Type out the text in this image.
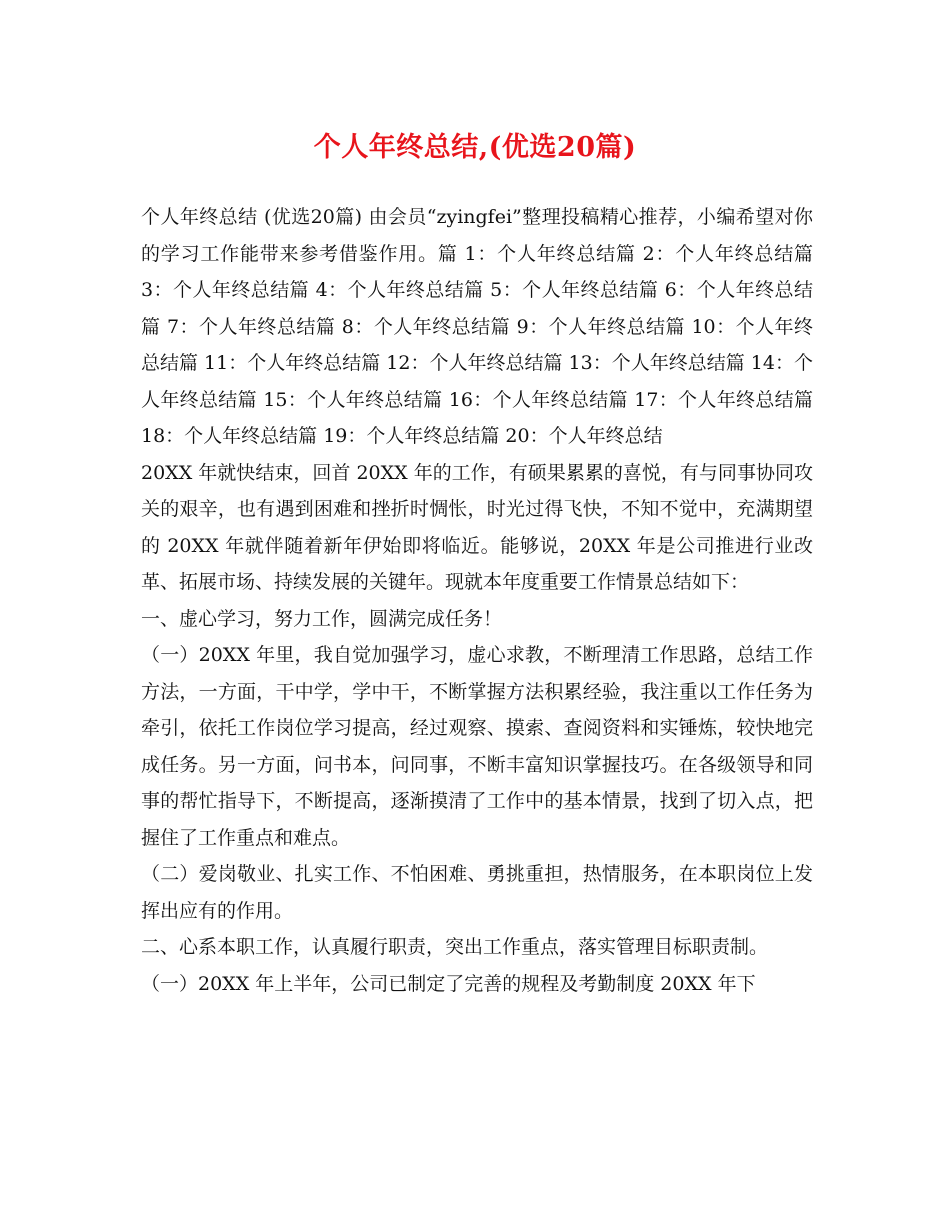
个人年终总结,(优选20篇)

个人年终总结 (优选20篇) 由会员“zyingfei”整理投稿精心推荐，小编希望对你的学习工作能带来参考借鉴作用。篇 1：个人年终总结篇 2：个人年终总结篇 3：个人年终总结篇 4：个人年终总结篇 5：个人年终总结篇 6：个人年终总结篇 7：个人年终总结篇 8：个人年终总结篇 9：个人年终总结篇 10：个人年终总结篇 11：个人年终总结篇 12：个人年终总结篇 13：个人年终总结篇 14：个人年终总结篇 15：个人年终总结篇 16：个人年终总结篇 17：个人年终总结篇 18：个人年终总结篇 19：个人年终总结篇 20：个人年终总结

20XX 年就快结束，回首 20XX 年的工作，有硕果累累的喜悦，有与同事协同攻关的艰辛，也有遇到困难和挫折时惆怅，时光过得飞快，不知不觉中，充满期望的 20XX 年就伴随着新年伊始即将临近。能够说，20XX 年是公司推进行业改革、拓展市场、持续发展的关键年。现就本年度重要工作情景总结如下：

一、虚心学习，努力工作，圆满完成任务！

（一）20XX 年里，我自觉加强学习，虚心求教，不断理清工作思路，总结工作方法，一方面，干中学，学中干，不断掌握方法积累经验，我注重以工作任务为牵引，依托工作岗位学习提高，经过观察、摸索、查阅资料和实锤炼，较快地完成任务。另一方面，问书本，问同事，不断丰富知识掌握技巧。在各级领导和同事的帮忙指导下，不断提高，逐渐摸清了工作中的基本情景，找到了切入点，把握住了工作重点和难点。

（二）爱岗敬业、扎实工作、不怕困难、勇挑重担，热情服务，在本职岗位上发挥出应有的作用。

二、心系本职工作，认真履行职责，突出工作重点，落实管理目标职责制。

（一）20XX 年上半年，公司已制定了完善的规程及考勤制度 20XX 年下
